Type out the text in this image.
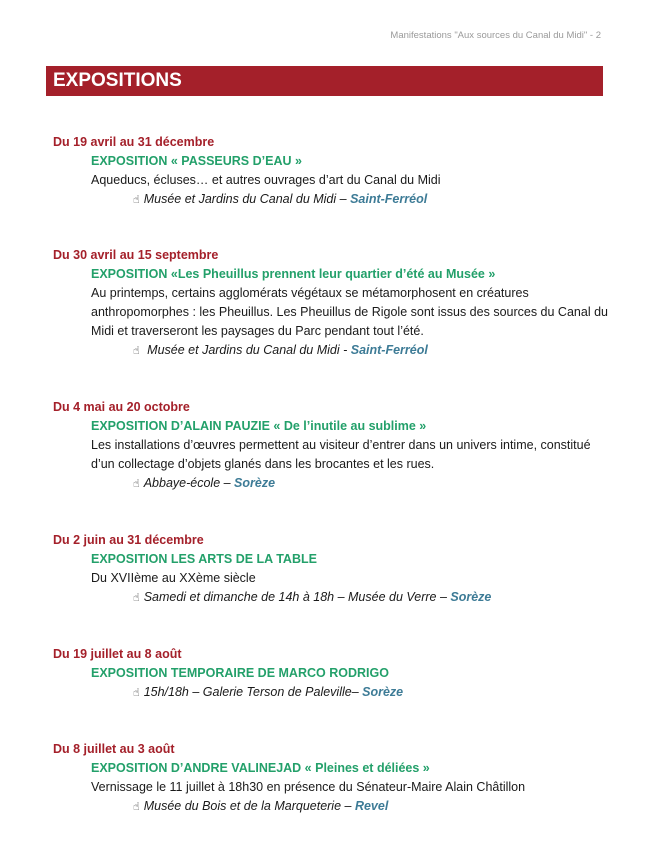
Manifestations "Aux sources du Canal du Midi" - 2
EXPOSITIONS
Du 19 avril au 31 décembre
EXPOSITION « PASSEURS D’EAU »
Aqueducs, écluses… et autres ouvrages d’art du Canal du Midi
☝ Musée et Jardins du Canal du Midi – Saint-Ferréol
Du 30 avril au 15 septembre
EXPOSITION «Les Pheuillus prennent leur quartier d’été au Musée »
Au printemps, certains agglomérats végétaux se métamorphosent en créatures anthropomorphes : les Pheuillus. Les Pheuillus de Rigole sont issus des sources du Canal du Midi et traverseront les paysages du Parc pendant tout l’été.
☝ Musée et Jardins du Canal du Midi - Saint-Ferréol
Du 4 mai au 20 octobre
EXPOSITION D’ALAIN PAUZIE « De l’inutile au sublime »
Les installations d’œuvres permettent au visiteur d’entrer dans un univers intime, constitué d’un collectage d’objets glanés dans les brocantes et les rues.
☝ Abbaye-école – Sorèze
Du 2 juin au 31 décembre
EXPOSITION LES ARTS DE LA TABLE
Du XVIIème au XXème siècle
☝ Samedi et dimanche de 14h à 18h – Musée du Verre – Sorèze
Du 19 juillet au 8 août
EXPOSITION TEMPORAIRE DE MARCO RODRIGO
☝ 15h/18h – Galerie Terson de Paleville– Sorèze
Du 8 juillet au 3 août
EXPOSITION D’ANDRE VALINEJAD « Pleines et déliées »
Vernissage le 11 juillet à 18h30 en présence du Sénateur-Maire Alain Châtillon
☝ Musée du Bois et de la Marqueterie – Revel
